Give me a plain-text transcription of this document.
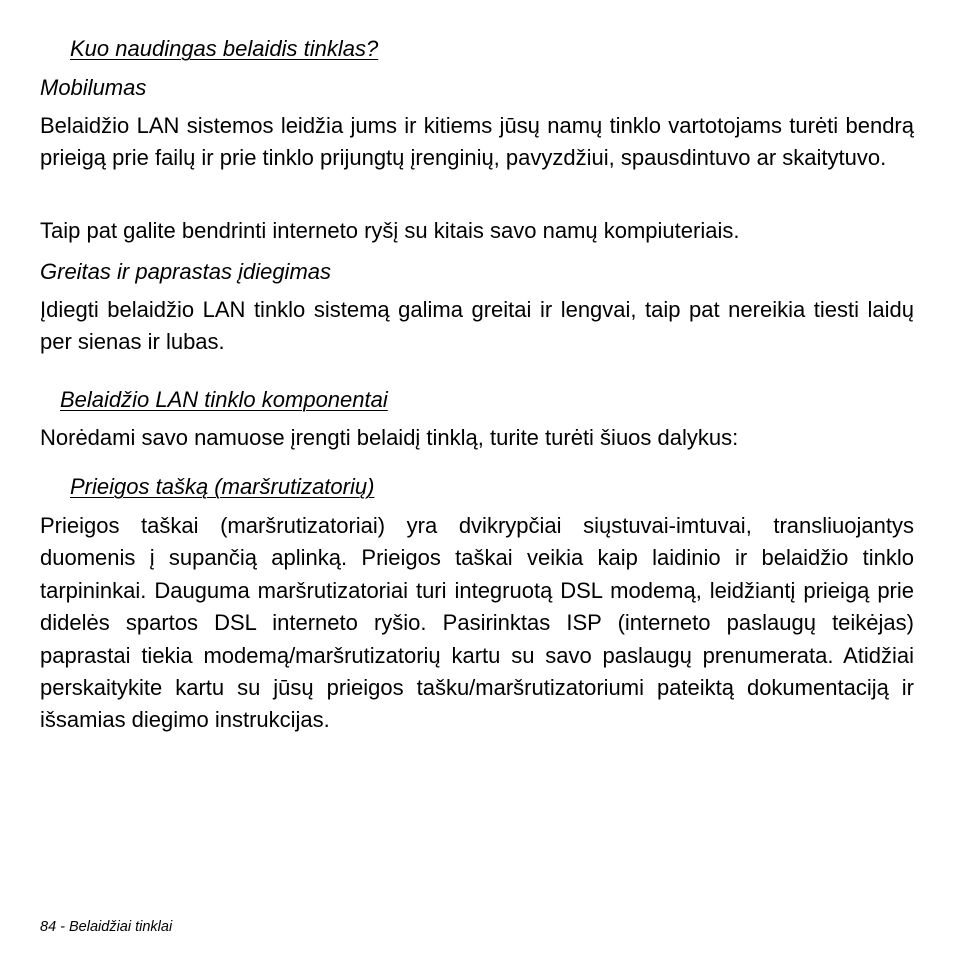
Kuo naudingas belaidis tinklas?
Mobilumas

Belaidžio LAN sistemos leidžia jums ir kitiems jūsų namų tinklo vartotojams turėti bendrą prieigą prie failų ir prie tinklo prijungtų įrenginių, pavyzdžiui, spausdintuvo ar skaitytuvo.

Taip pat galite bendrinti interneto ryšį su kitais savo namų kompiuteriais.

Greitas ir paprastas įdiegimas

Įdiegti belaidžio LAN tinklo sistemą galima greitai ir lengvai, taip pat nereikia tiesti laidų per sienas ir lubas.

Belaidžio LAN tinklo komponentai

Norėdami savo namuose įrengti belaidį tinklą, turite turėti šiuos dalykus:

Prieigos tašką (maršrutizatorių)

Prieigos taškai (maršrutizatoriai) yra dvikrypčiai siųstuvai-imtuvai, transliuojantys duomenis į supančią aplinką. Prieigos taškai veikia kaip laidinio ir belaidžio tinklo tarpininkai. Dauguma maršrutizatoriai turi integruotą DSL modemą, leidžiantį prieigą prie didelės spartos DSL interneto ryšio. Pasirinktas ISP (interneto paslaugų teikėjas) paprastai tiekia modemą/maršrutizatorių kartu su savo paslaugų prenumerata. Atidžiai perskaitykite kartu su jūsų prieigos tašku/maršrutizatoriumi pateiktą dokumentaciją ir išsamias diegimo instrukcijas.

84 - Belaidžiai tinklai
